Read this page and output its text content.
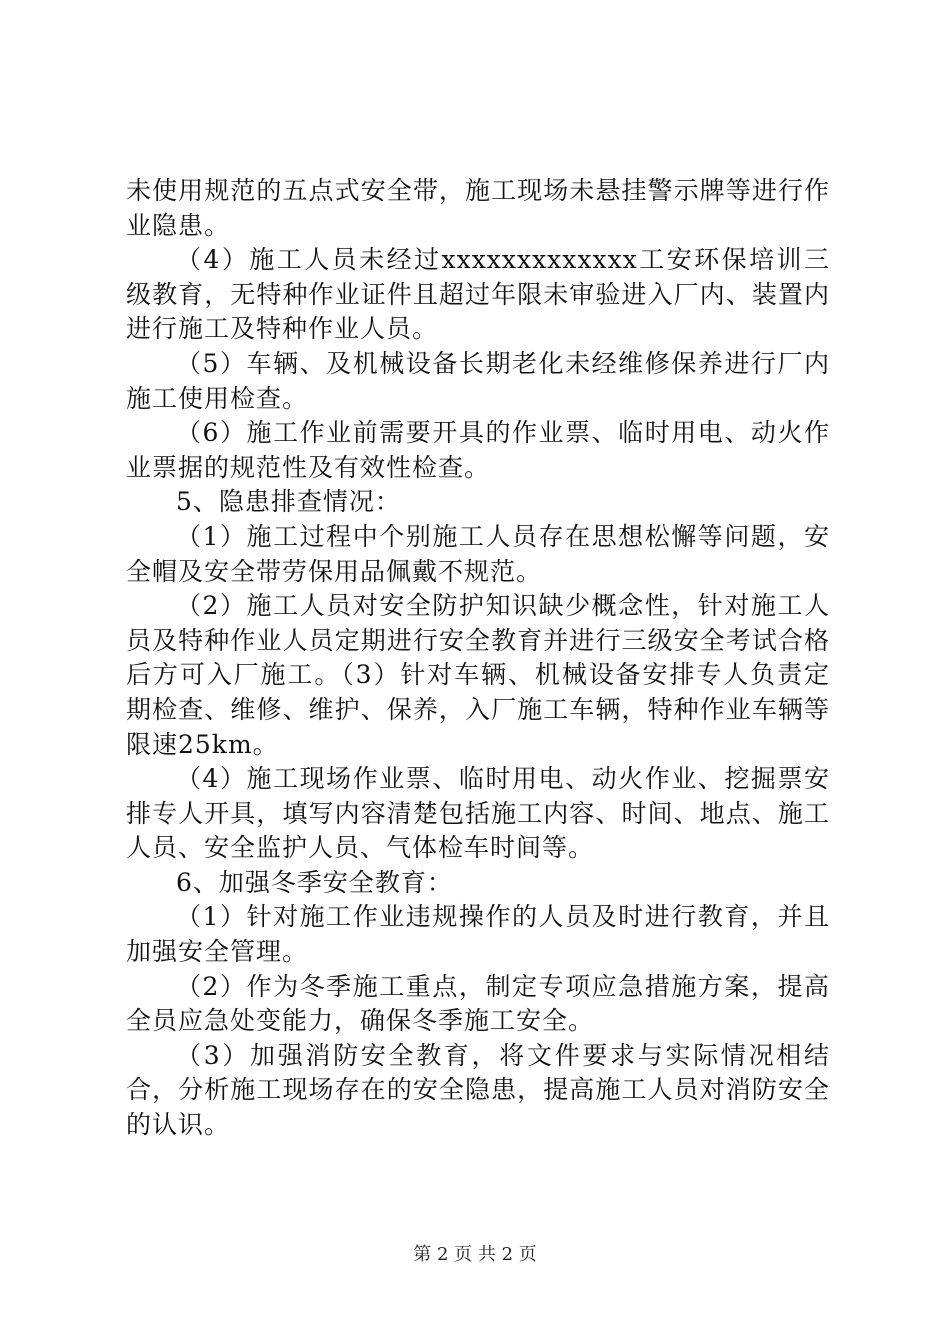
未使用规范的五点式安全带，施工现场未悬挂警示牌等进行作业隐患。

（4）施工人员未经过xxxxxxxxxxxxx工安环保培训三级教育，无特种作业证件且超过年限未审验进入厂内、装置内进行施工及特种作业人员。

（5）车辆、及机械设备长期老化未经维修保养进行厂内施工使用检查。

（6）施工作业前需要开具的作业票、临时用电、动火作业票据的规范性及有效性检查。

5、隐患排查情况：

（1）施工过程中个别施工人员存在思想松懈等问题，安全帽及安全带劳保用品佩戴不规范。

（2）施工人员对安全防护知识缺少概念性，针对施工人员及特种作业人员定期进行安全教育并进行三级安全考试合格后方可入厂施工。（3）针对车辆、机械设备安排专人负责定期检查、维修、维护、保养，入厂施工车辆，特种作业车辆等限速25km。

（4）施工现场作业票、临时用电、动火作业、挖掘票安排专人开具，填写内容清楚包括施工内容、时间、地点、施工人员、安全监护人员、气体检车时间等。

6、加强冬季安全教育：

（1）针对施工作业违规操作的人员及时进行教育，并且加强安全管理。

（2）作为冬季施工重点，制定专项应急措施方案，提高全员应急处变能力，确保冬季施工安全。

（3）加强消防安全教育，将文件要求与实际情况相结合，分析施工现场存在的安全隐患，提高施工人员对消防安全的认识。

第 2 页 共 2 页
